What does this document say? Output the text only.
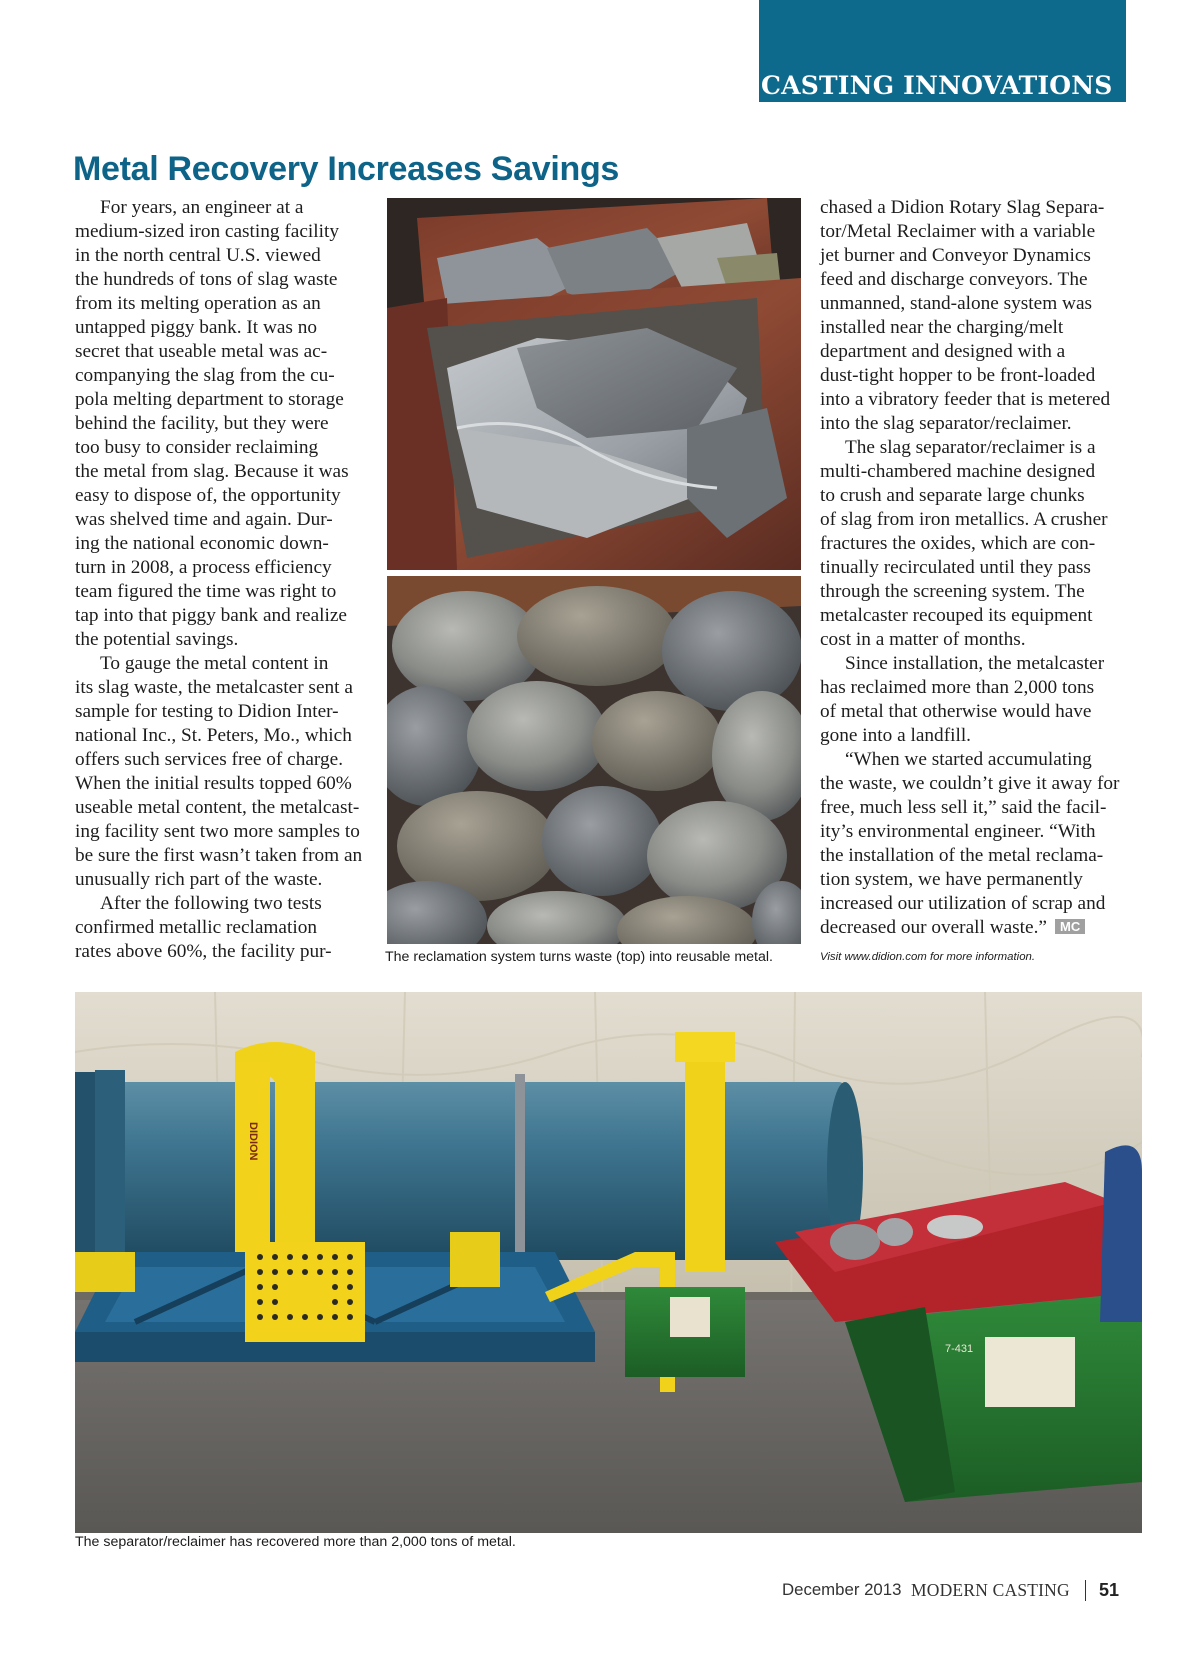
CASTING INNOVATIONS
Metal Recovery Increases Savings
For years, an engineer at a
medium-sized iron casting facility
in the north central U.S. viewed
the hundreds of tons of slag waste
from its melting operation as an
untapped piggy bank. It was no
secret that useable metal was ac-
companying the slag from the cu-
pola melting department to storage
behind the facility, but they were
too busy to consider reclaiming
the metal from slag. Because it was
easy to dispose of, the opportunity
was shelved time and again. Dur-
ing the national economic down-
turn in 2008, a process efficiency
team figured the time was right to
tap into that piggy bank and realize
the potential savings.
To gauge the metal content in
its slag waste, the metalcaster sent a
sample for testing to Didion Inter-
national Inc., St. Peters, Mo., which
offers such services free of charge.
When the initial results topped 60%
useable metal content, the metalcast-
ing facility sent two more samples to
be sure the first wasn’t taken from an
unusually rich part of the waste.
After the following two tests
confirmed metallic reclamation
rates above 60%, the facility pur-	The reclamation system turns waste (top) into reusable metal.
chased a Didion Rotary Slag Separa-
tor/Metal Reclaimer with a variable
jet burner and Conveyor Dynamics
feed and discharge conveyors. The
unmanned, stand-alone system was
installed near the charging/melt
department and designed with a
dust-tight hopper to be front-loaded
into a vibratory feeder that is metered
into the slag separator/reclaimer.
The slag separator/reclaimer is a
multi-chambered machine designed
to crush and separate large chunks
of slag from iron metallics. A crusher
fractures the oxides, which are con-
tinually recirculated until they pass
through the screening system. The
metalcaster recouped its equipment
cost in a matter of months.
Since installation, the metalcaster
has reclaimed more than 2,000 tons
of metal that otherwise would have
gone into a landfill.
“When we started accumulating
the waste, we couldn’t give it away for
free, much less sell it,” said the facil-
ity’s environmental engineer. “With
the installation of the metal reclama-
tion system, we have permanently
increased our utilization of scrap and
decreased our overall waste.” MC
Visit www.didion.com for more information.
DIDION
7-431
The separator/reclaimer has recovered more than 2,000 tons of metal.
December 2013 MODERN CASTING 51
